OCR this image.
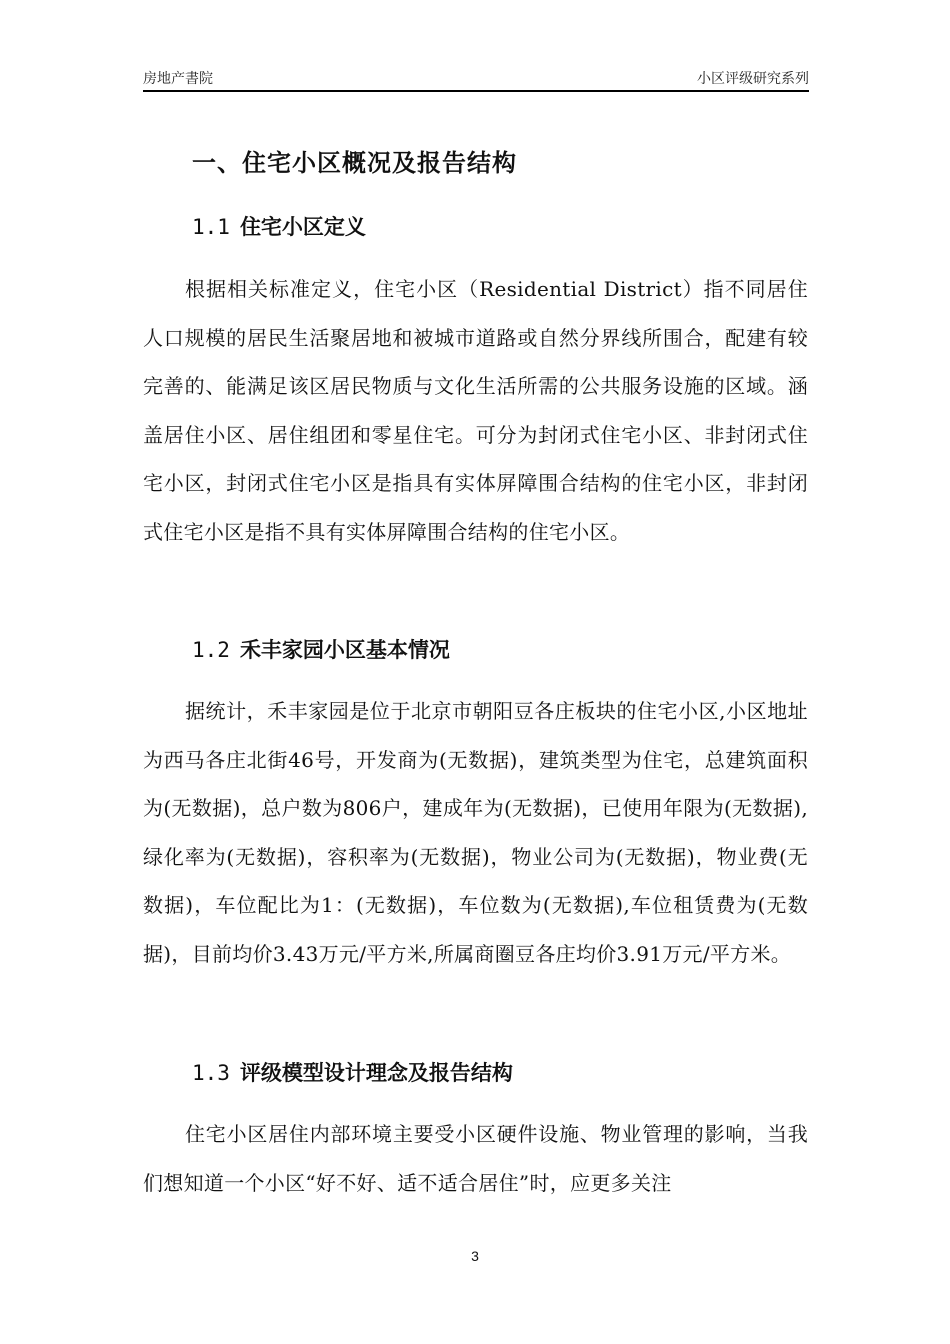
房地产書院	小区评级研究系列
一、住宅小区概况及报告结构
1.1 住宅小区定义

根据相关标准定义，住宅小区（Residential District）指不同居住人口规模的居民生活聚居地和被城市道路或自然分界线所围合，配建有较完善的、能满足该区居民物质与文化生活所需的公共服务设施的区域。涵盖居住小区、居住组团和零星住宅。可分为封闭式住宅小区、非封闭式住宅小区，封闭式住宅小区是指具有实体屏障围合结构的住宅小区，非封闭式住宅小区是指不具有实体屏障围合结构的住宅小区。

1.2 禾丰家园小区基本情况

据统计，禾丰家园是位于北京市朝阳豆各庄板块的住宅小区,小区地址为西马各庄北街46号，开发商为(无数据)，建筑类型为住宅，总建筑面积为(无数据)，总户数为806户，建成年为(无数据)，已使用年限为(无数据),绿化率为(无数据)，容积率为(无数据)，物业公司为(无数据)，物业费(无数据)，车位配比为1：(无数据)，车位数为(无数据),车位租赁费为(无数据)，目前均价3.43万元/平方米,所属商圈豆各庄均价3.91万元/平方米。

1.3 评级模型设计理念及报告结构

住宅小区居住内部环境主要受小区硬件设施、物业管理的影响，当我们想知道一个小区“好不好、适不适合居住”时，应更多关注

3
